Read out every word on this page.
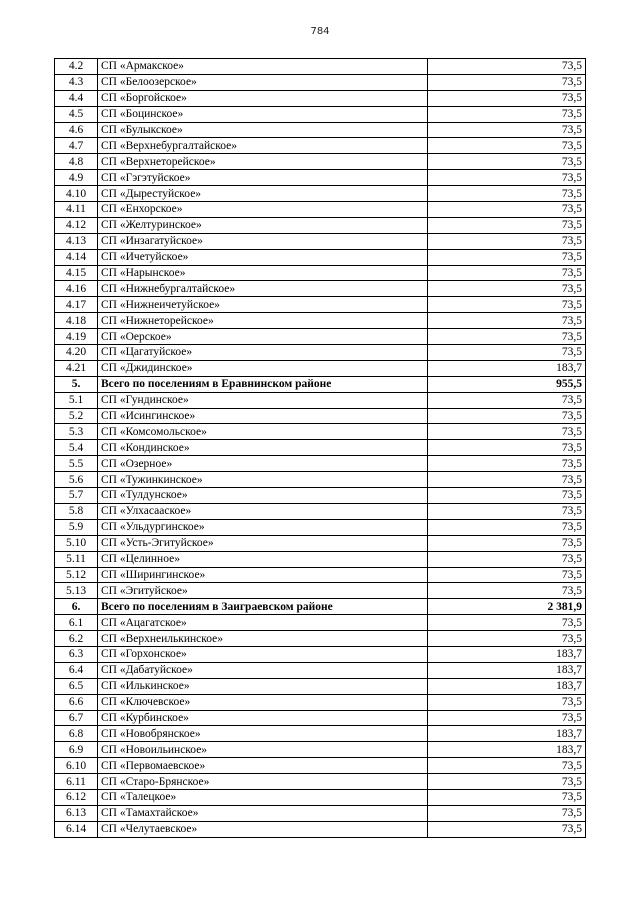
784
4.2	СП «Армакское»	73,5
4.3	СП «Белоозерское»	73,5
4.4	СП «Боргойское»	73,5
4.5	СП «Боцинское»	73,5
4.6	СП «Булыкское»	73,5
4.7	СП «Верхнебургалтайское»	73,5
4.8	СП «Верхнеторейское»	73,5
4.9	СП «Гэгэтуйское»	73,5
4.10	СП «Дырестуйское»	73,5
4.11	СП «Енхорское»	73,5
4.12	СП «Желтуринское»	73,5
4.13	СП «Инзагатуйское»	73,5
4.14	СП «Ичетуйское»	73,5
4.15	СП «Нарынское»	73,5
4.16	СП «Нижнебургалтайское»	73,5
4.17	СП «Нижнеичетуйское»	73,5
4.18	СП «Нижнеторейское»	73,5
4.19	СП «Оерское»	73,5
4.20	СП «Цагатуйское»	73,5
4.21	СП «Джидинское»	183,7
5.	Всего по поселениям в Еравнинском районе	955,5
5.1	СП «Гундинское»	73,5
5.2	СП «Исингинское»	73,5
5.3	СП «Комсомольское»	73,5
5.4	СП «Кондинское»	73,5
5.5	СП «Озерное»	73,5
5.6	СП «Тужинкинское»	73,5
5.7	СП «Тулдунское»	73,5
5.8	СП «Улхасаaское»	73,5
5.9	СП «Ульдургинское»	73,5
5.10	СП «Усть-Эгитуйское»	73,5
5.11	СП «Целинное»	73,5
5.12	СП «Ширингинское»	73,5
5.13	СП «Эгитуйское»	73,5
6.	Всего по поселениям в Заиграевском районе	2 381,9
6.1	СП «Ацагатское»	73,5
6.2	СП «Верхнеилькинское»	73,5
6.3	СП «Горхонское»	183,7
6.4	СП «Дабатуйское»	183,7
6.5	СП «Илькинское»	183,7
6.6	СП «Ключевское»	73,5
6.7	СП «Курбинское»	73,5
6.8	СП «Новобрянское»	183,7
6.9	СП «Новоильинское»	183,7
6.10	СП «Первомаевское»	73,5
6.11	СП «Старо-Брянское»	73,5
6.12	СП «Талецкое»	73,5
6.13	СП «Тамахтайское»	73,5
6.14	СП «Челутаевское»	73,5
